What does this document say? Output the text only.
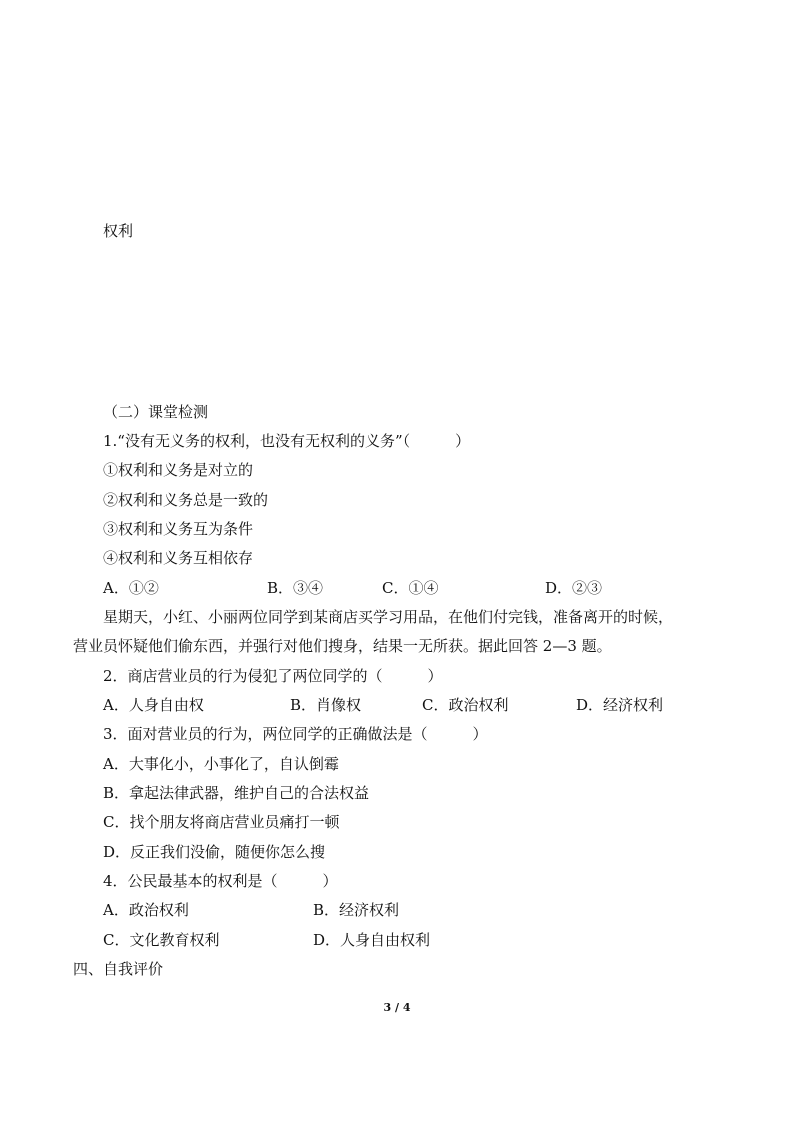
权利
（二）课堂检测
1.“没有无义务的权利，也没有无权利的义务”（　　　）
①权利和义务是对立的
②权利和义务总是一致的
③权利和义务互为条件
④权利和义务互相依存
A．①②	B．③④	C．①④	D．②③
星期天，小红、小丽两位同学到某商店买学习用品，在他们付完钱，准备离开的时候，
营业员怀疑他们偷东西，并强行对他们搜身，结果一无所获。据此回答 2—3 题。
2．商店营业员的行为侵犯了两位同学的（　　　）
A．人身自由权	B．肖像权	C．政治权利	D．经济权利
3．面对营业员的行为，两位同学的正确做法是（　　　）
A．大事化小，小事化了，自认倒霉
B．拿起法律武器，维护自己的合法权益
C．找个朋友将商店营业员痛打一顿
D．反正我们没偷，随便你怎么搜
4．公民最基本的权利是（　　　）
A．政治权利	B．经济权利
C．文化教育权利	D．人身自由权利
四、自我评价
3 / 4
